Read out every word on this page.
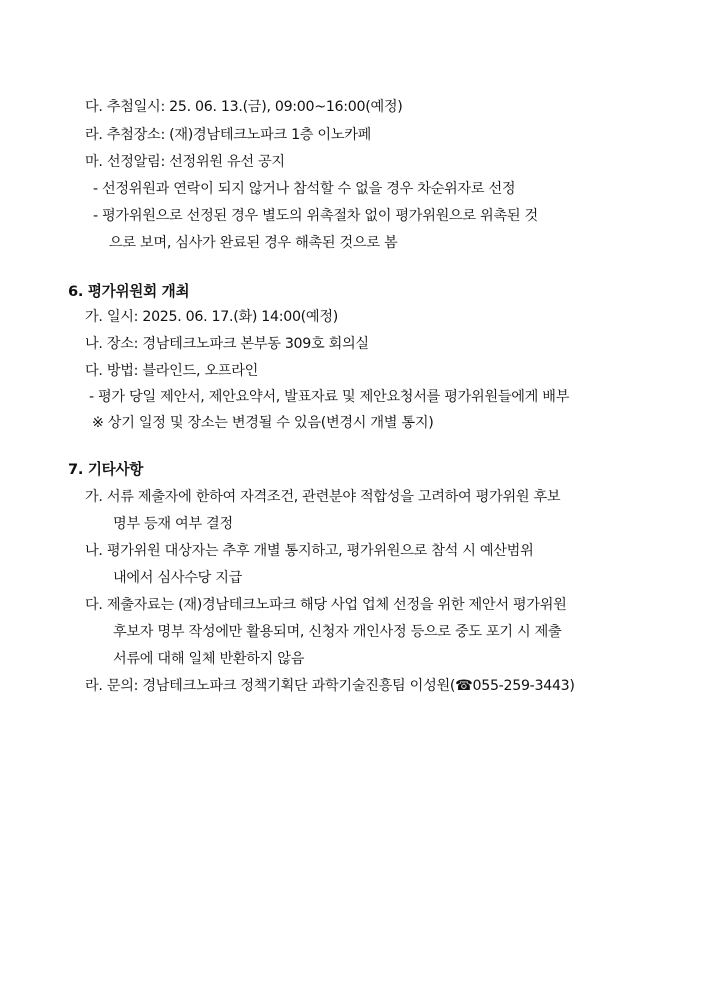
다. 추첨일시: 25. 06. 13.(금), 09:00~16:00(예정)
라. 추첨장소: (재)경남테크노파크 1층 이노카페
마. 선정알림: 선정위원 유선 공지
- 선정위원과 연락이 되지 않거나 참석할 수 없을 경우 차순위자로 선정
- 평가위원으로 선정된 경우 별도의 위촉절차 없이 평가위원으로 위촉된 것
으로 보며, 심사가 완료된 경우 해촉된 것으로 봄
6. 평가위원회 개최
가. 일시: 2025. 06. 17.(화) 14:00(예정)
나. 장소: 경남테크노파크 본부동 309호 회의실
다. 방법: 블라인드, 오프라인
- 평가 당일 제안서, 제안요약서, 발표자료 및 제안요청서를 평가위원들에게 배부
※ 상기 일정 및 장소는 변경될 수 있음(변경시 개별 통지)
7. 기타사항
가. 서류 제출자에 한하여 자격조건, 관련분야 적합성을 고려하여 평가위원 후보
명부 등재 여부 결정
나. 평가위원 대상자는 추후 개별 통지하고, 평가위원으로 참석 시 예산범위
내에서 심사수당 지급
다. 제출자료는 (재)경남테크노파크 해당 사업 업체 선정을 위한 제안서 평가위원
후보자 명부 작성에만 활용되며, 신청자 개인사정 등으로 중도 포기 시 제출
서류에 대해 일체 반환하지 않음
라. 문의: 경남테크노파크 정책기획단 과학기술진흥팀 이성원(☎055-259-3443)
